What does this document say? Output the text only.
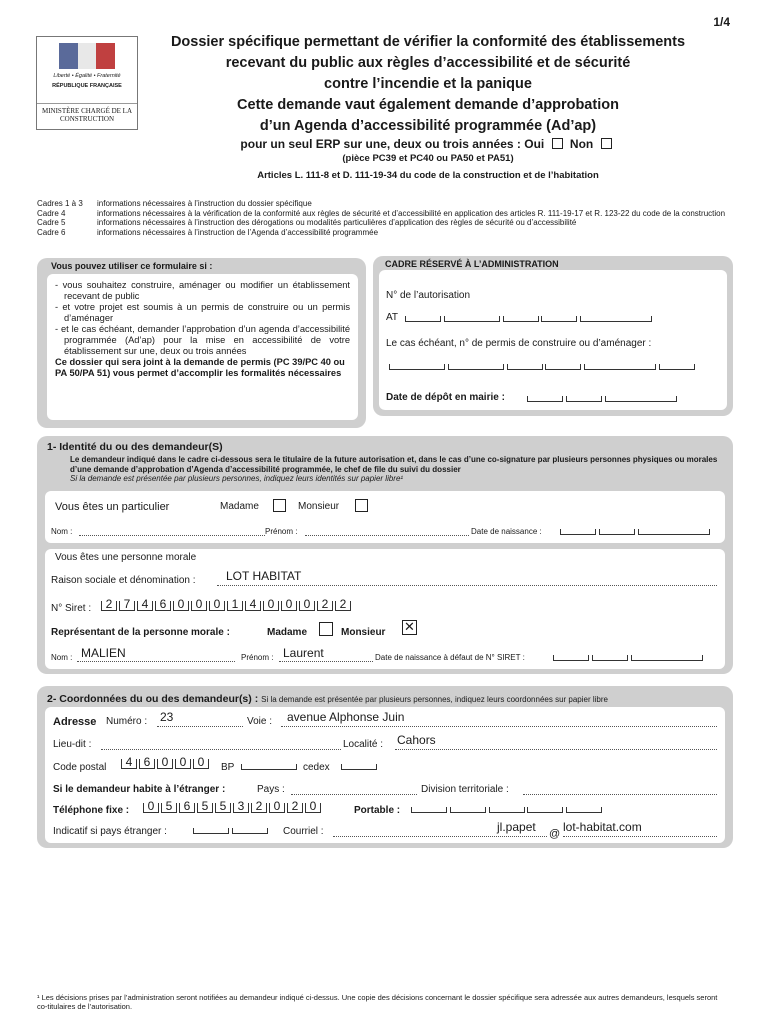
1/4
Liberté • Égalité • Fraternité
RÉPUBLIQUE FRANÇAISE
MINISTÈRE CHARGÉ DE LA CONSTRUCTION
Dossier spécifique permettant de vérifier la conformité des établissements
recevant du public aux règles d’accessibilité et de sécurité
contre l’incendie et la panique
Cette demande vaut également demande d’approbation
d’un Agenda d’accessibilité programmée (Ad’ap)
pour un seul ERP sur une, deux ou trois années : Oui Non
(pièce PC39 et PC40 ou PA50 et PA51)
Articles L. 111-8 et D. 111-19-34 du code de la construction et de l’habitation
Cadres 1 à 3	informations nécessaires à l’instruction du dossier spécifique
Cadre 4	informations nécessaires à la vérification de la conformité aux règles de sécurité et d’accessibilité en application des articles R. 111-19-17 et R. 123-22 du code de la construction
Cadre 5	informations nécessaires à l’instruction des dérogations ou modalités particulières d’application des règles de sécurité ou d’accessibilité
Cadre 6	informations nécessaires à l’instruction de l’Agenda d’accessibilité programmée
Vous pouvez utiliser ce formulaire si :
- vous souhaitez construire, aménager ou modifier un établissement recevant de public
- et votre projet est soumis à un permis de construire ou un permis d’aménager
- et le cas échéant, demander l’approbation d’un agenda d’accessibilité programmée (Ad’ap) pour la mise en accessibilité de votre établissement sur une, deux ou trois années
Ce dossier qui sera joint à la demande de permis (PC 39/PC 40 ou PA 50/PA 51) vous permet d’accomplir les formalités nécessaires
CADRE RÉSERVÉ À L’ADMINISTRATION
N° de l’autorisation
AT

Le cas échéant, n° de permis de construire ou d’aménager :

Date de dépôt en mairie :

1- Identité du ou des demandeur(S)
Le demandeur indiqué dans le cadre ci-dessous sera le titulaire de la future autorisation et, dans le cas d’une co-signature par plusieurs personnes physiques ou morales d’une demande d’approbation d’Agenda d’accessibilité programmée, le chef de file du suivi du dossier
Si la demande est présentée par plusieurs personnes, indiquez leurs identités sur papier libre¹
Vous êtes un particulier	Madame	Monsieur
Nom :	Prénom :	Date de naissance :

Vous êtes une personne morale
Raison sociale et dénomination :	LOT HABITAT
N° Siret :	2 7 4 6 0 0 0 1 4 0 0 0 2 2
Représentant de la personne morale :	Madame	Monsieur ✕
Nom : MALIEN	Prénom : Laurent	Date de naissance à défaut de N° SIRET :

2- Coordonnées du ou des demandeur(s) : Si la demande est présentée par plusieurs personnes, indiquez leurs coordonnées sur papier libre
Adresse Numéro : 23	Voie : avenue Alphonse Juin
Lieu-dit :	Localité : Cahors
Code postal	4 6 0 0 0	BP	cedex
Si le demandeur habite à l’étranger :	Pays :	Division territoriale :
Téléphone fixe :	0 5 6 5 5 3 2 0 2 0	Portable :

Indicatif si pays étranger :
	Courriel :	jl.papet @ lot-habitat.com
¹ Les décisions prises par l’administration seront notifiées au demandeur indiqué ci-dessus. Une copie des décisions concernant le dossier spécifique sera adressée aux autres demandeurs, lesquels seront co-titulaires de l’autorisation.
